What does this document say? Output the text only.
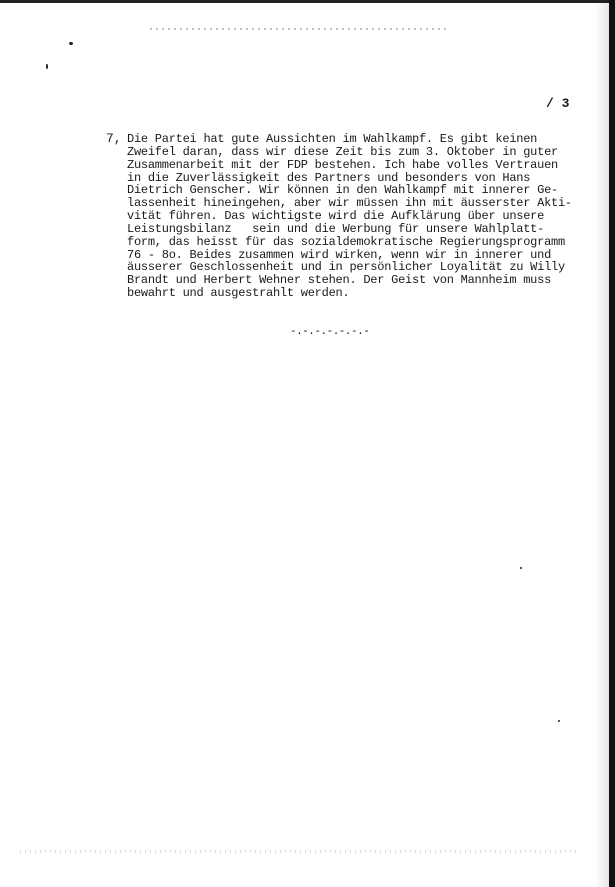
/ 3
7, Die Partei hat gute Aussichten im Wahlkampf. Es gibt keinen
Zweifel daran, dass wir diese Zeit bis zum 3. Oktober in guter
Zusammenarbeit mit der FDP bestehen. Ich habe volles Vertrauen
in die Zuverlässigkeit des Partners und besonders von Hans
Dietrich Genscher. Wir können in den Wahlkampf mit innerer Ge-
lassenheit hineingehen, aber wir müssen ihn mit äusserster Akti-
vität führen. Das wichtigste wird die Aufklärung über unsere
Leistungsbilanz   sein und die Werbung für unsere Wahlplatt-
form, das heisst für das sozialdemokratische Regierungsprogramm
76 - 8o. Beides zusammen wird wirken, wenn wir in innerer und
äusserer Geschlossenheit und in persönlicher Loyalität zu Willy
Brandt und Herbert Wehner stehen. Der Geist von Mannheim muss
bewahrt und ausgestrahlt werden.
-.-.-.-.-.-.-
